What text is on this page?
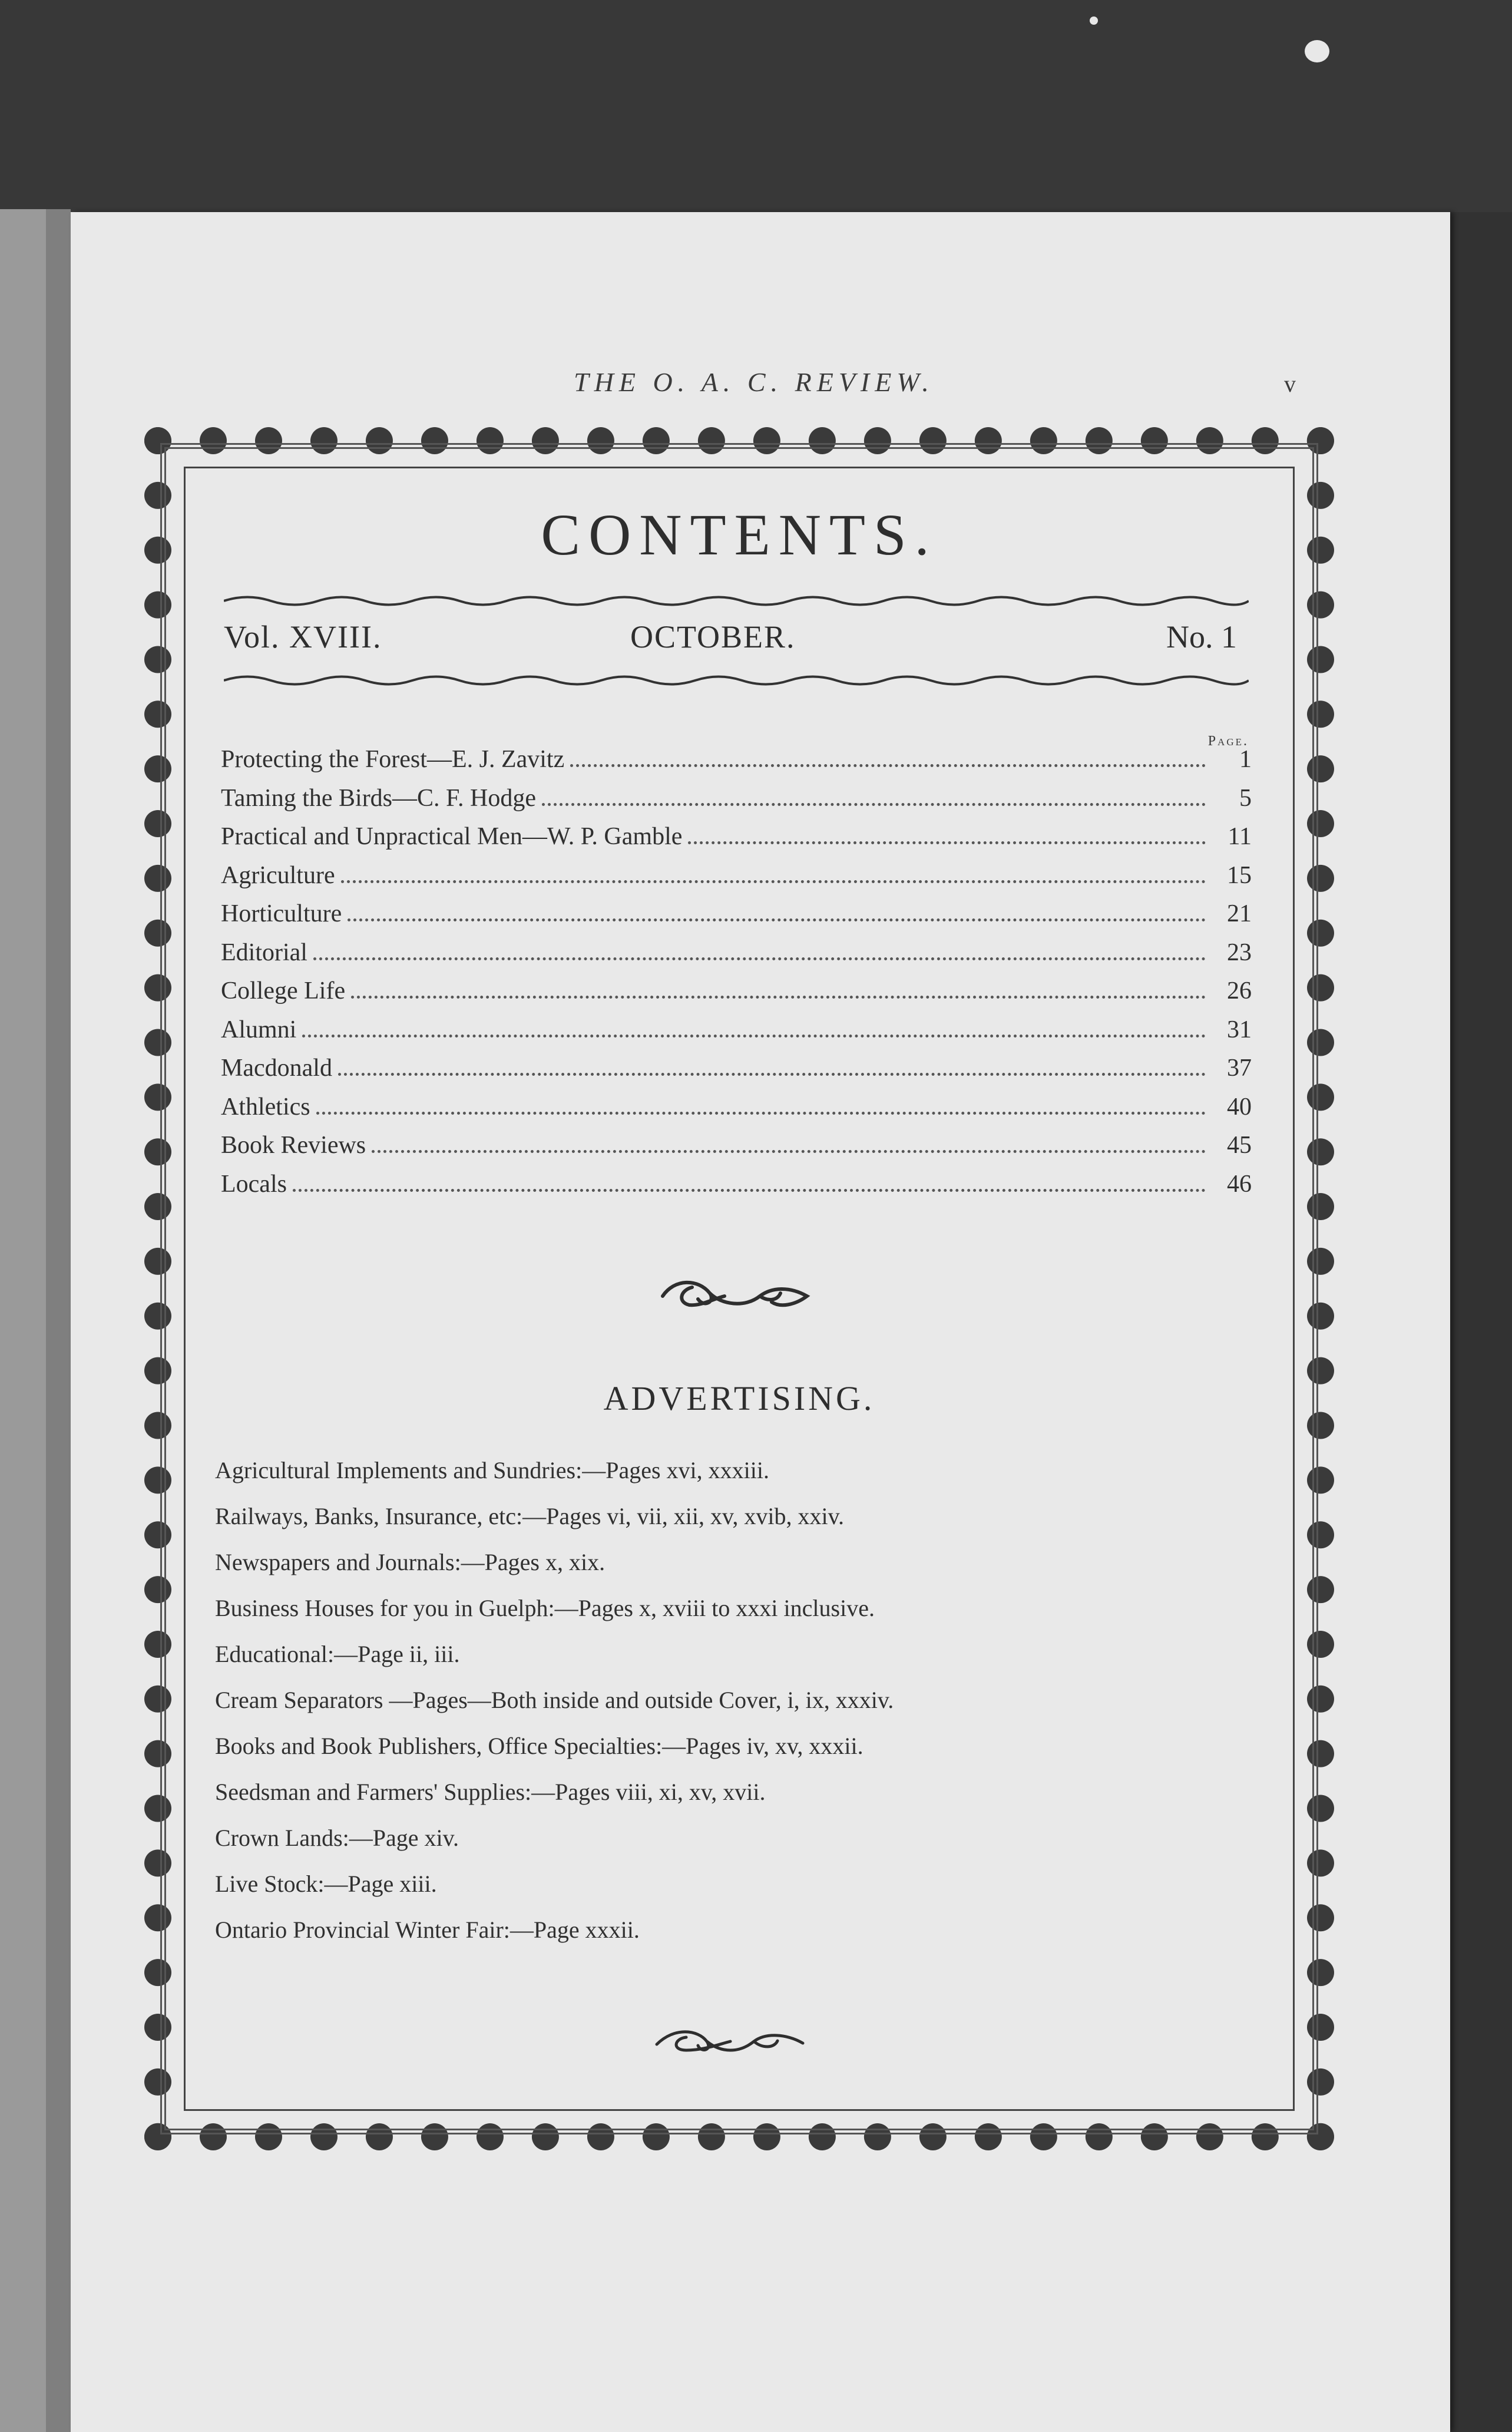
THE O. A. C. REVIEW.	v
CONTENTS.
Vol. XVIII.	OCTOBER.	No. 1
Page.
Protecting the Forest—E. J. Zavitz	1
Taming the Birds—C. F. Hodge	5
Practical and Unpractical Men—W. P. Gamble	11
Agriculture	15
Horticulture	21
Editorial	23
College Life	26
Alumni	31
Macdonald	37
Athletics	40
Book Reviews	45
Locals	46
ADVERTISING.
Agricultural Implements and Sundries:—Pages xvi, xxxiii.
Railways, Banks, Insurance, etc:—Pages vi, vii, xii, xv, xvib, xxiv.
Newspapers and Journals:—Pages x, xix.
Business Houses for you in Guelph:—Pages x, xviii to xxxi inclusive.
Educational:—Page ii, iii.
Cream Separators —Pages—Both inside and outside Cover, i, ix, xxxiv.
Books and Book Publishers, Office Specialties:—Pages iv, xv, xxxii.
Seedsman and Farmers' Supplies:—Pages viii, xi, xv, xvii.
Crown Lands:—Page xiv.
Live Stock:—Page xiii.
Ontario Provincial Winter Fair:—Page xxxii.
